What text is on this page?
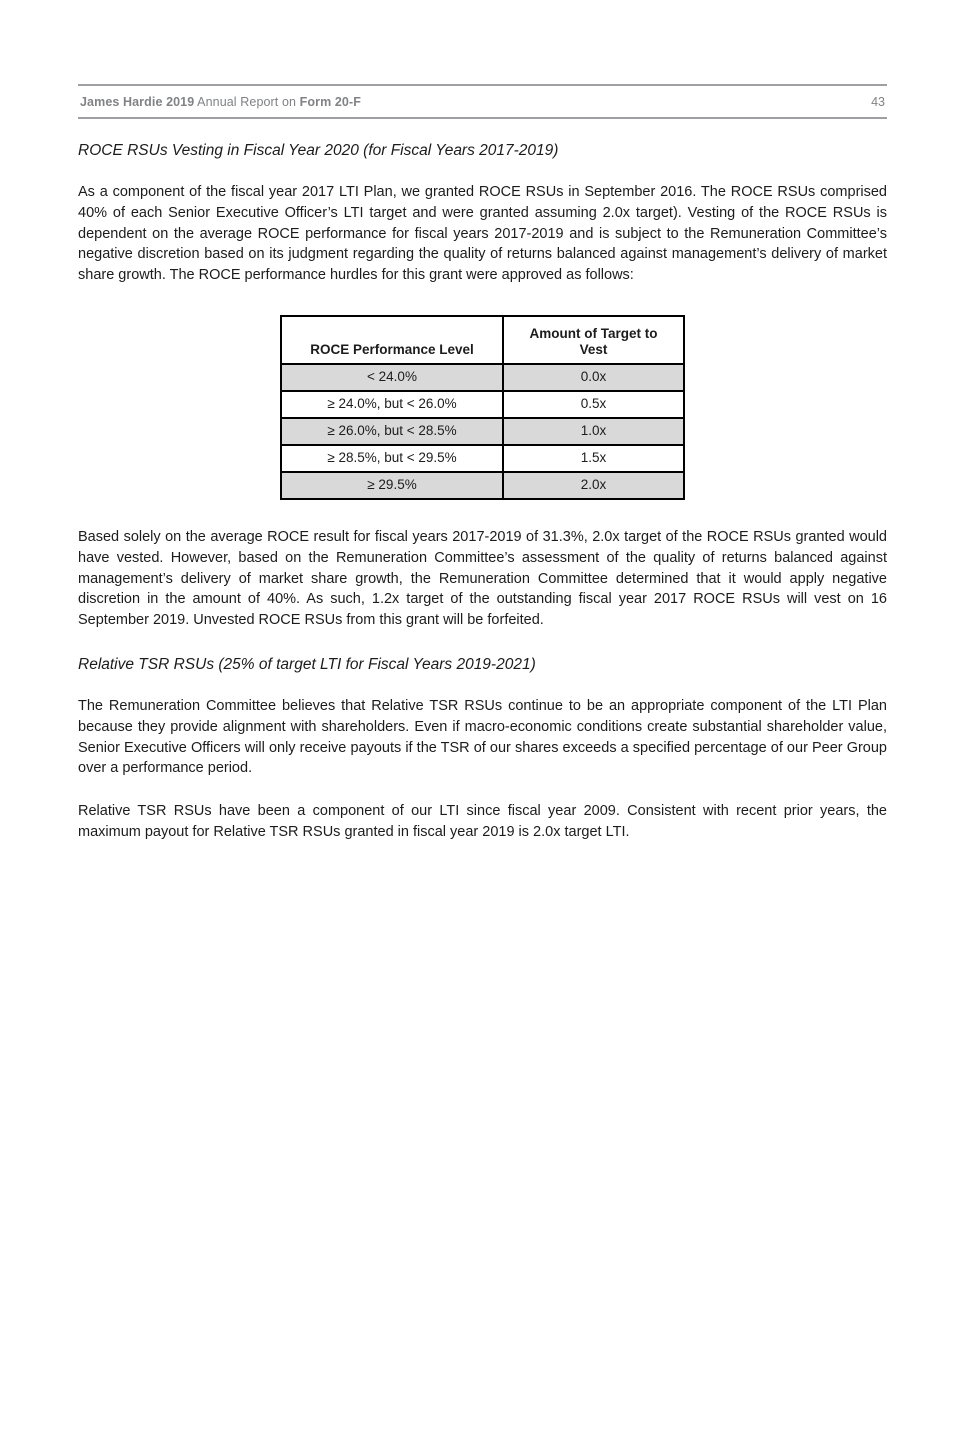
James Hardie 2019 Annual Report on Form 20-F	43
ROCE RSUs Vesting in Fiscal Year 2020 (for Fiscal Years 2017-2019)

As a component of the fiscal year 2017 LTI Plan, we granted ROCE RSUs in September 2016. The ROCE RSUs comprised 40% of each Senior Executive Officer’s LTI target and were granted assuming 2.0x target). Vesting of the ROCE RSUs is dependent on the average ROCE performance for fiscal years 2017-2019 and is subject to the Remuneration Committee’s negative discretion based on its judgment regarding the quality of returns balanced against management’s delivery of market share growth. The ROCE performance hurdles for this grant were approved as follows:

ROCE Performance Level	Amount of Target to Vest
< 24.0%	0.0x
≥ 24.0%, but < 26.0%	0.5x
≥ 26.0%, but < 28.5%	1.0x
≥ 28.5%, but < 29.5%	1.5x
≥ 29.5%	2.0x

Based solely on the average ROCE result for fiscal years 2017-2019 of 31.3%, 2.0x target of the ROCE RSUs granted would have vested. However, based on the Remuneration Committee’s assessment of the quality of returns balanced against management’s delivery of market share growth, the Remuneration Committee determined that it would apply negative discretion in the amount of 40%. As such, 1.2x target of the outstanding fiscal year 2017 ROCE RSUs will vest on 16 September 2019. Unvested ROCE RSUs from this grant will be forfeited.

Relative TSR RSUs (25% of target LTI for Fiscal Years 2019-2021)

The Remuneration Committee believes that Relative TSR RSUs continue to be an appropriate component of the LTI Plan because they provide alignment with shareholders. Even if macro-economic conditions create substantial shareholder value, Senior Executive Officers will only receive payouts if the TSR of our shares exceeds a specified percentage of our Peer Group over a performance period.

Relative TSR RSUs have been a component of our LTI since fiscal year 2009. Consistent with recent prior years, the maximum payout for Relative TSR RSUs granted in fiscal year 2019 is 2.0x target LTI.
